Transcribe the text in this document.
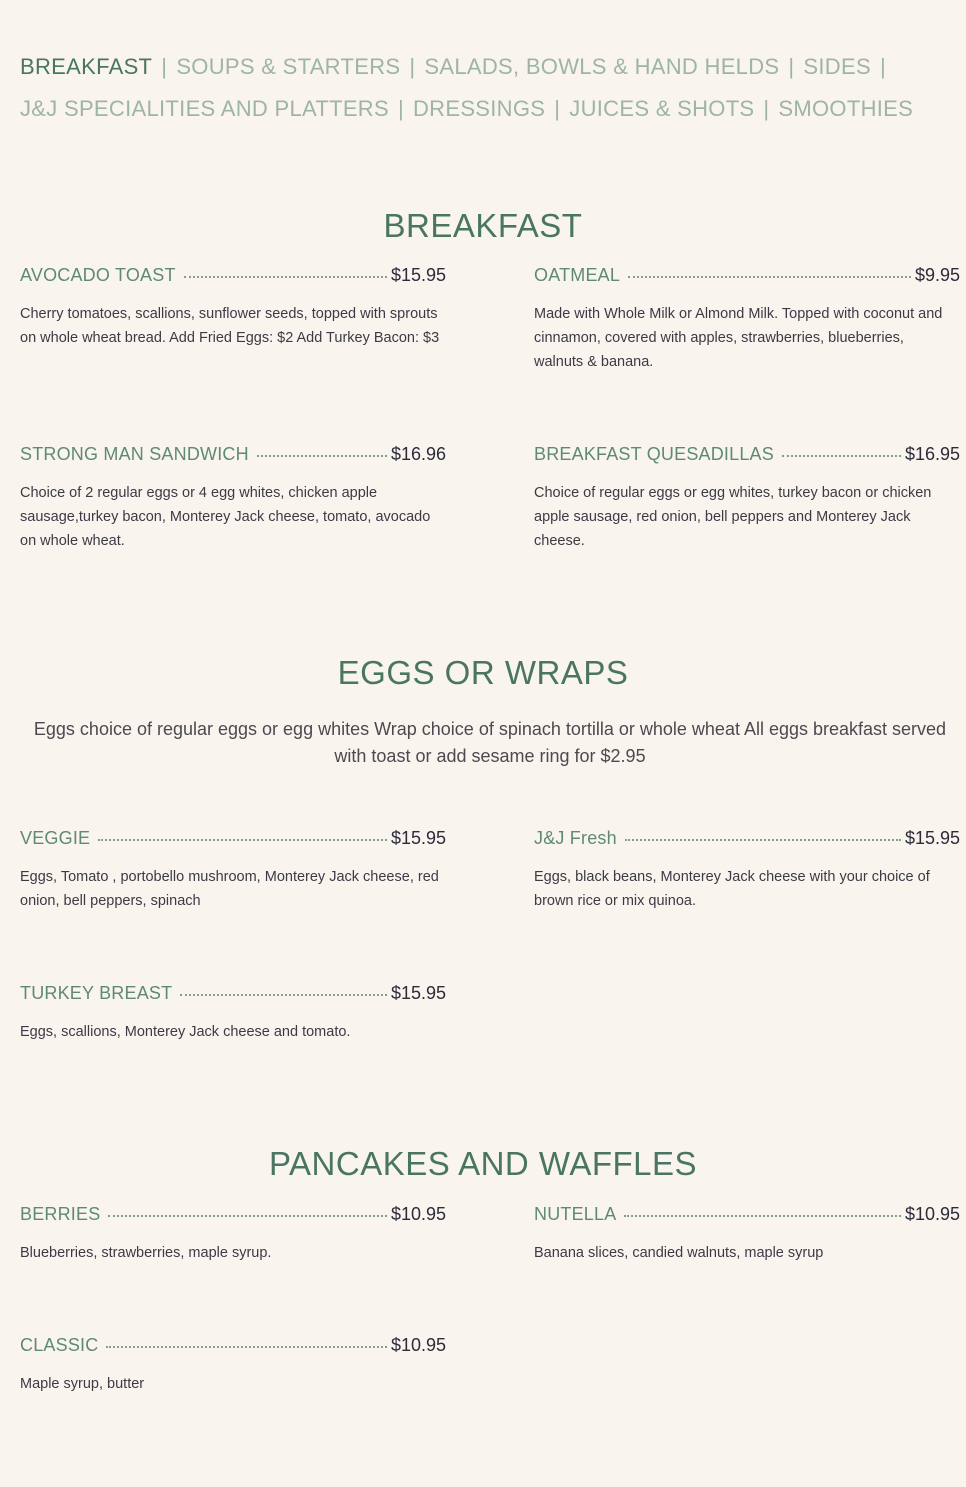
BREAKFAST | SOUPS & STARTERS | SALADS, BOWLS & HAND HELDS | SIDES |
J&J SPECIALITIES AND PLATTERS | DRESSINGS | JUICES & SHOTS | SMOOTHIES
BREAKFAST
AVOCADO TOAST	$15.95
Cherry tomatoes, scallions, sunflower seeds, topped with sprouts on whole wheat bread. Add Fried Eggs: $2 Add Turkey Bacon: $3
OATMEAL	$9.95
Made with Whole Milk or Almond Milk. Topped with coconut and cinnamon, covered with apples, strawberries, blueberries, walnuts & banana.
STRONG MAN SANDWICH	$16.96
Choice of 2 regular eggs or 4 egg whites, chicken apple sausage,turkey bacon, Monterey Jack cheese, tomato, avocado on whole wheat.
BREAKFAST QUESADILLAS	$16.95
Choice of regular eggs or egg whites, turkey bacon or chicken apple sausage, red onion, bell peppers and Monterey Jack cheese.
EGGS OR WRAPS

Eggs choice of regular eggs or egg whites Wrap choice of spinach tortilla or whole wheat All eggs breakfast served with toast or add sesame ring for $2.95

VEGGIE	$15.95
Eggs, Tomato , portobello mushroom, Monterey Jack cheese, red onion, bell peppers, spinach
J&J Fresh	$15.95
Eggs, black beans, Monterey Jack cheese with your choice of brown rice or mix quinoa.
TURKEY BREAST	$15.95
Eggs, scallions, Monterey Jack cheese and tomato.
PANCAKES AND WAFFLES
BERRIES	$10.95
Blueberries, strawberries, maple syrup.
NUTELLA	$10.95
Banana slices, candied walnuts, maple syrup
CLASSIC	$10.95
Maple syrup, butter
